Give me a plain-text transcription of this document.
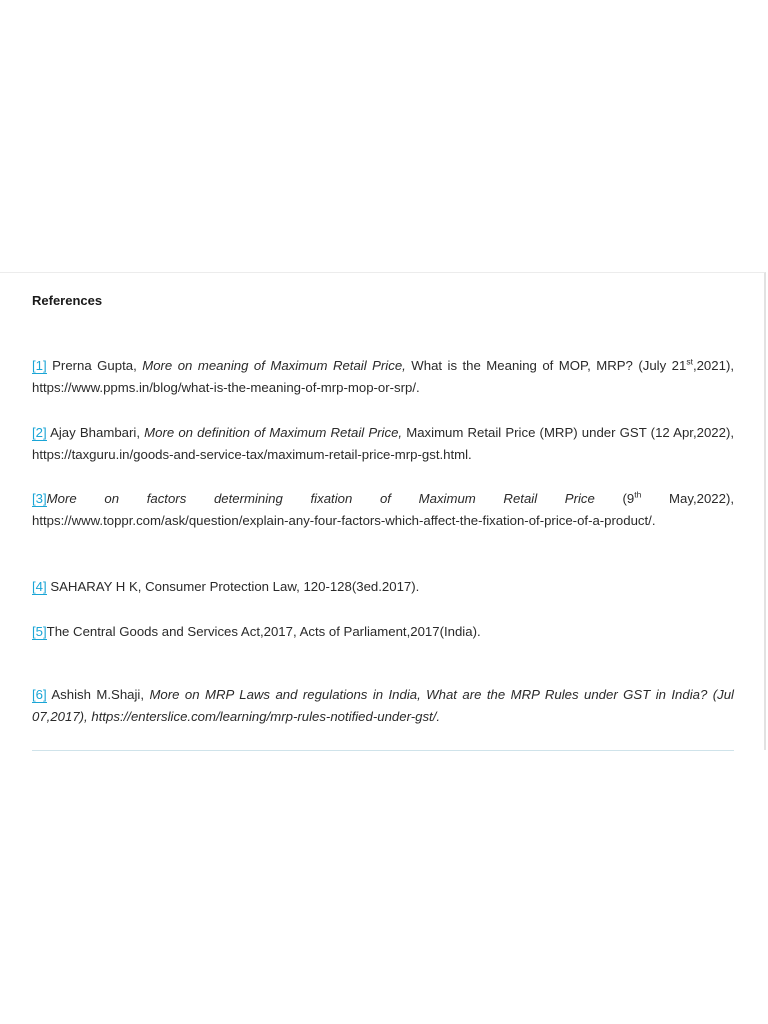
References

[1] Prerna Gupta, More on meaning of Maximum Retail Price, What is the Meaning of MOP, MRP? (July 21st,2021), https://www.ppms.in/blog/what-is-the-meaning-of-mrp-mop-or-srp/.

[2] Ajay Bhambari, More on definition of Maximum Retail Price, Maximum Retail Price (MRP) under GST (12 Apr,2022), https://taxguru.in/goods-and-service-tax/maximum-retail-price-mrp-gst.html.

[3]More on factors determining fixation of Maximum Retail Price (9th May,2022), https://www.toppr.com/ask/question/explain-any-four-factors-which-affect-the-fixation-of-price-of-a-product/.

[4] SAHARAY H K, Consumer Protection Law, 120-128(3ed.2017).

[5]The Central Goods and Services Act,2017, Acts of Parliament,2017(India).

[6] Ashish M.Shaji, More on MRP Laws and regulations in India, What are the MRP Rules under GST in India? (Jul 07,2017), https://enterslice.com/learning/mrp-rules-notified-under-gst/.
